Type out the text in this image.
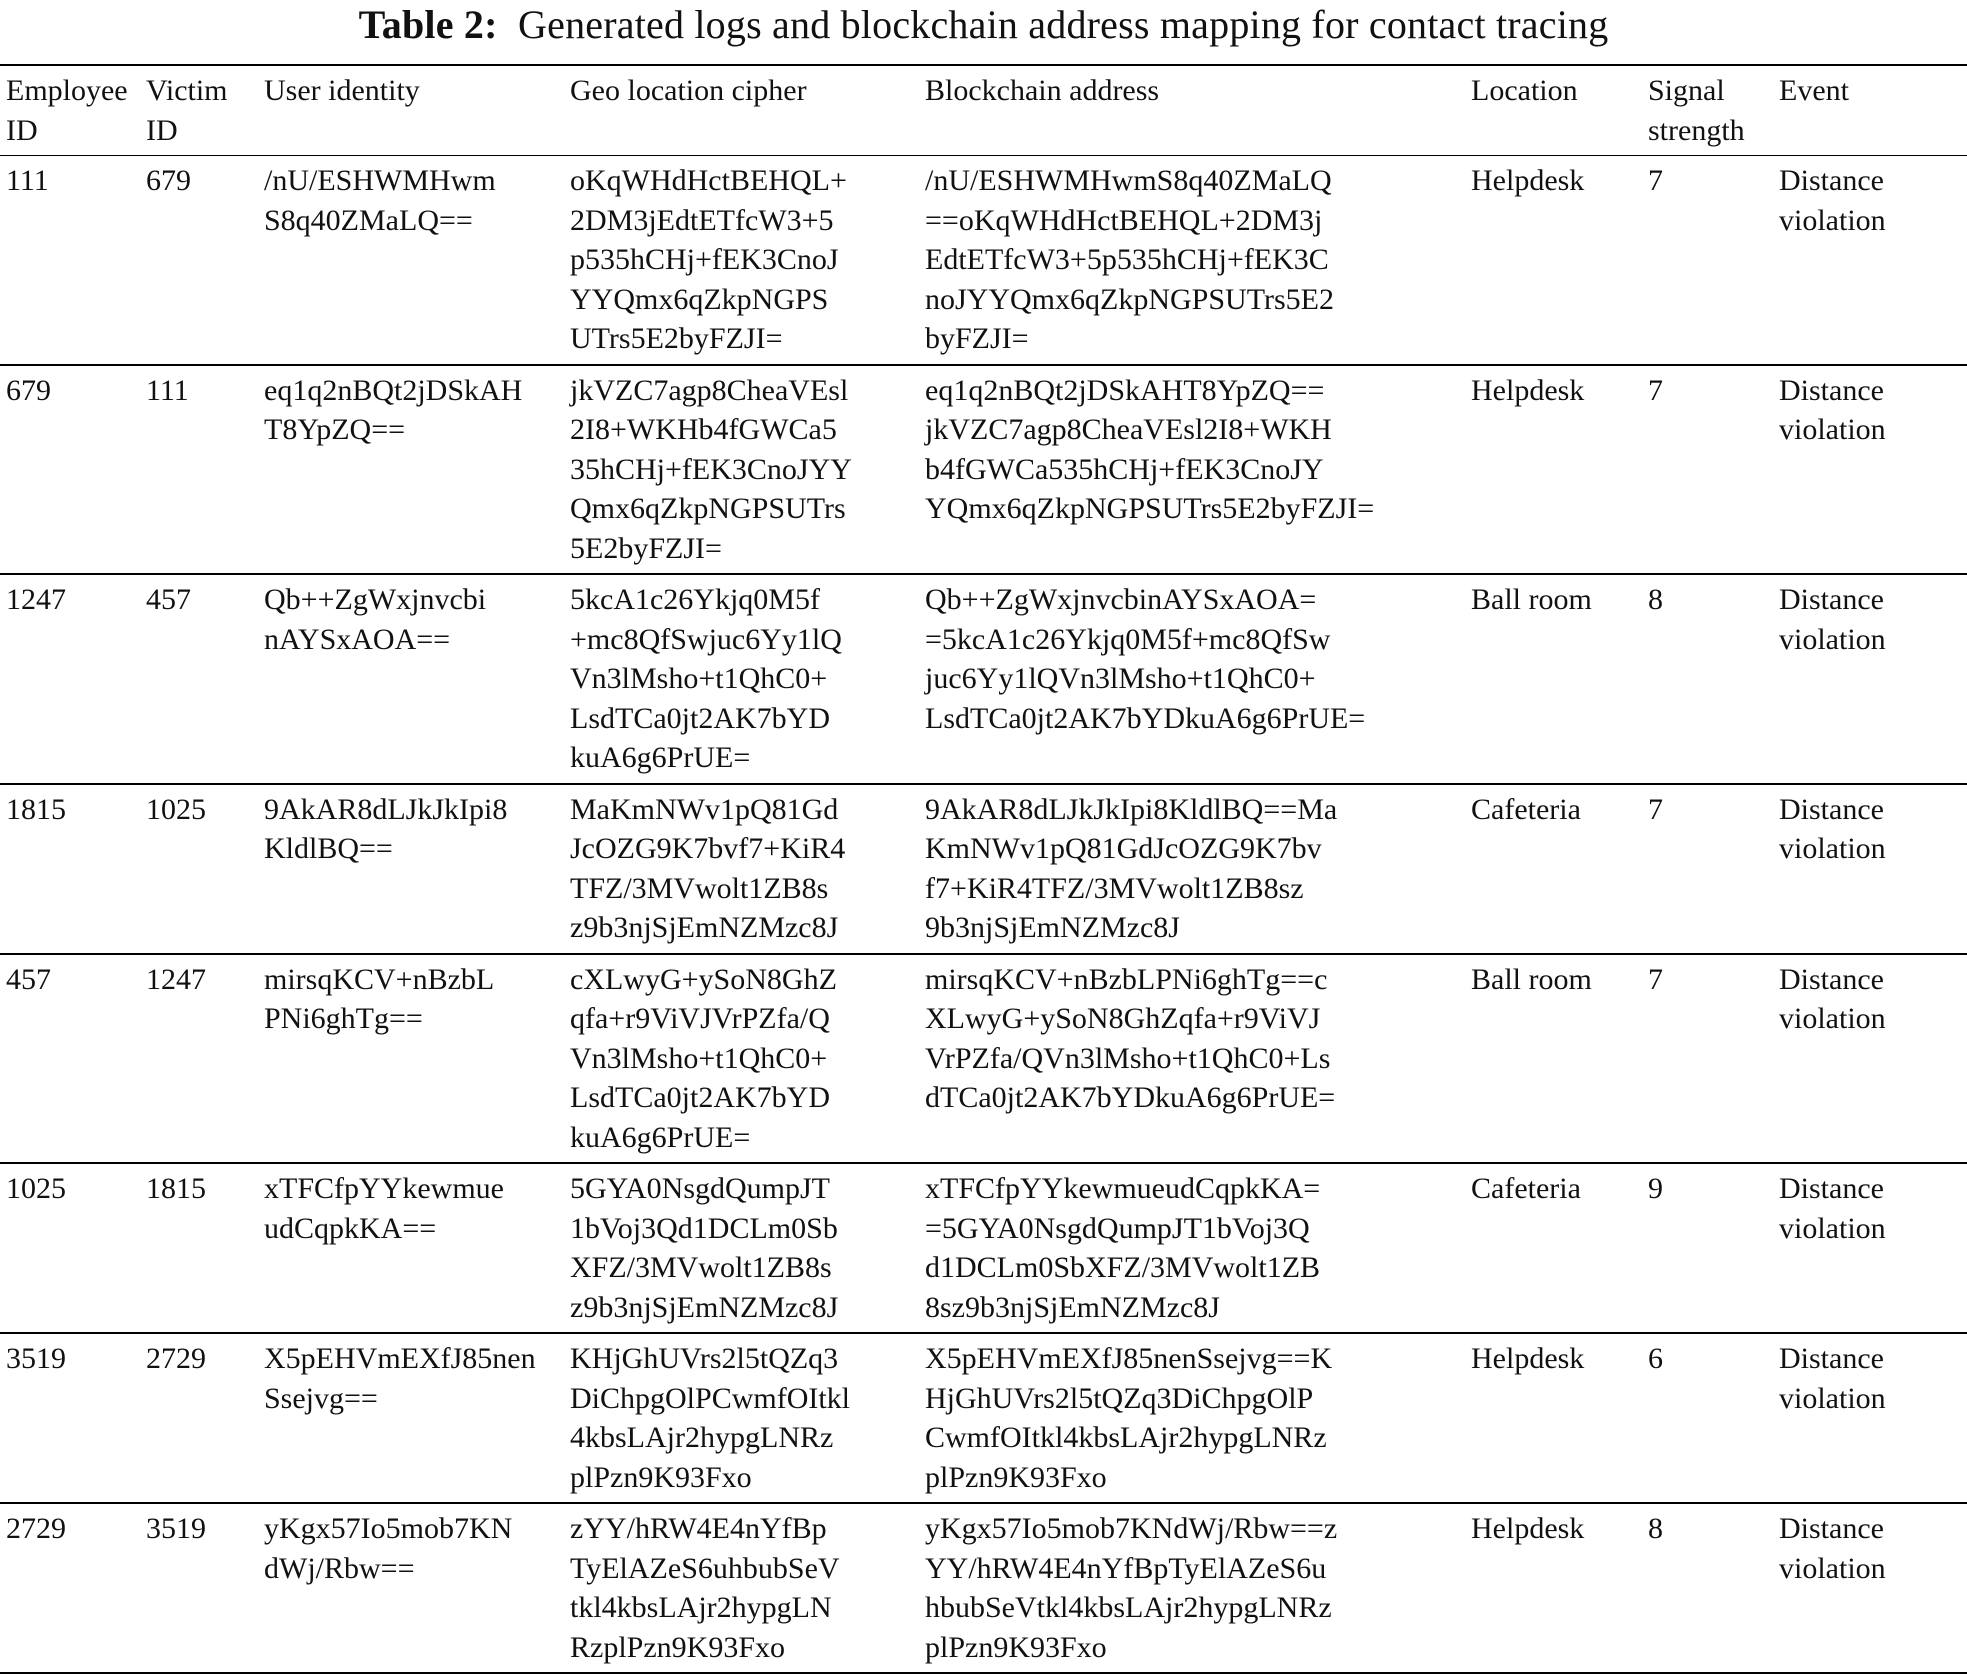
Table 2: Generated logs and blockchain address mapping for contact tracing
Employee
ID	Victim
ID	User identity	Geo location cipher	Blockchain address	Location	Signal
strength	Event
111	679	/nU/ESHWMHwm
S8q40ZMaLQ==	oKqWHdHctBEHQL+
2DM3jEdtETfcW3+5
p535hCHj+fEK3CnoJ
YYQmx6qZkpNGPS
UTrs5E2byFZJI=	/nU/ESHWMHwmS8q40ZMaLQ
==oKqWHdHctBEHQL+2DM3j
EdtETfcW3+5p535hCHj+fEK3C
noJYYQmx6qZkpNGPSUTrs5E2
byFZJI=	Helpdesk	7	Distance
violation
679	111	eq1q2nBQt2jDSkAH
T8YpZQ==	jkVZC7agp8CheaVEsl
2I8+WKHb4fGWCa5
35hCHj+fEK3CnoJYY
Qmx6qZkpNGPSUTrs
5E2byFZJI=	eq1q2nBQt2jDSkAHT8YpZQ==
jkVZC7agp8CheaVEsl2I8+WKH
b4fGWCa535hCHj+fEK3CnoJY
YQmx6qZkpNGPSUTrs5E2byFZJI=	Helpdesk	7	Distance
violation
1247	457	Qb++ZgWxjnvcbi
nAYSxAOA==	5kcA1c26Ykjq0M5f
+mc8QfSwjuc6Yy1lQ
Vn3lMsho+t1QhC0+
LsdTCa0jt2AK7bYD
kuA6g6PrUE=	Qb++ZgWxjnvcbinAYSxAOA=
=5kcA1c26Ykjq0M5f+mc8QfSw
juc6Yy1lQVn3lMsho+t1QhC0+
LsdTCa0jt2AK7bYDkuA6g6PrUE=	Ball room	8	Distance
violation
1815	1025	9AkAR8dLJkJkIpi8
KldlBQ==	MaKmNWv1pQ81Gd
JcOZG9K7bvf7+KiR4
TFZ/3MVwolt1ZB8s
z9b3njSjEmNZMzc8J	9AkAR8dLJkJkIpi8KldlBQ==Ma
KmNWv1pQ81GdJcOZG9K7bv
f7+KiR4TFZ/3MVwolt1ZB8sz
9b3njSjEmNZMzc8J	Cafeteria	7	Distance
violation
457	1247	mirsqKCV+nBzbL
PNi6ghTg==	cXLwyG+ySoN8GhZ
qfa+r9ViVJVrPZfa/Q
Vn3lMsho+t1QhC0+
LsdTCa0jt2AK7bYD
kuA6g6PrUE=	mirsqKCV+nBzbLPNi6ghTg==c
XLwyG+ySoN8GhZqfa+r9ViVJ
VrPZfa/QVn3lMsho+t1QhC0+Ls
dTCa0jt2AK7bYDkuA6g6PrUE=	Ball room	7	Distance
violation
1025	1815	xTFCfpYYkewmue
udCqpkKA==	5GYA0NsgdQumpJT
1bVoj3Qd1DCLm0Sb
XFZ/3MVwolt1ZB8s
z9b3njSjEmNZMzc8J	xTFCfpYYkewmueudCqpkKA=
=5GYA0NsgdQumpJT1bVoj3Q
d1DCLm0SbXFZ/3MVwolt1ZB
8sz9b3njSjEmNZMzc8J	Cafeteria	9	Distance
violation
3519	2729	X5pEHVmEXfJ85nen
Ssejvg==	KHjGhUVrs2l5tQZq3
DiChpgOlPCwmfOItkl
4kbsLAjr2hypgLNRz
plPzn9K93Fxo	X5pEHVmEXfJ85nenSsejvg==K
HjGhUVrs2l5tQZq3DiChpgOlP
CwmfOItkl4kbsLAjr2hypgLNRz
plPzn9K93Fxo	Helpdesk	6	Distance
violation
2729	3519	yKgx57Io5mob7KN
dWj/Rbw==	zYY/hRW4E4nYfBp
TyElAZeS6uhbubSeV
tkl4kbsLAjr2hypgLN
RzplPzn9K93Fxo	yKgx57Io5mob7KNdWj/Rbw==z
YY/hRW4E4nYfBpTyElAZeS6u
hbubSeVtkl4kbsLAjr2hypgLNRz
plPzn9K93Fxo	Helpdesk	8	Distance
violation
